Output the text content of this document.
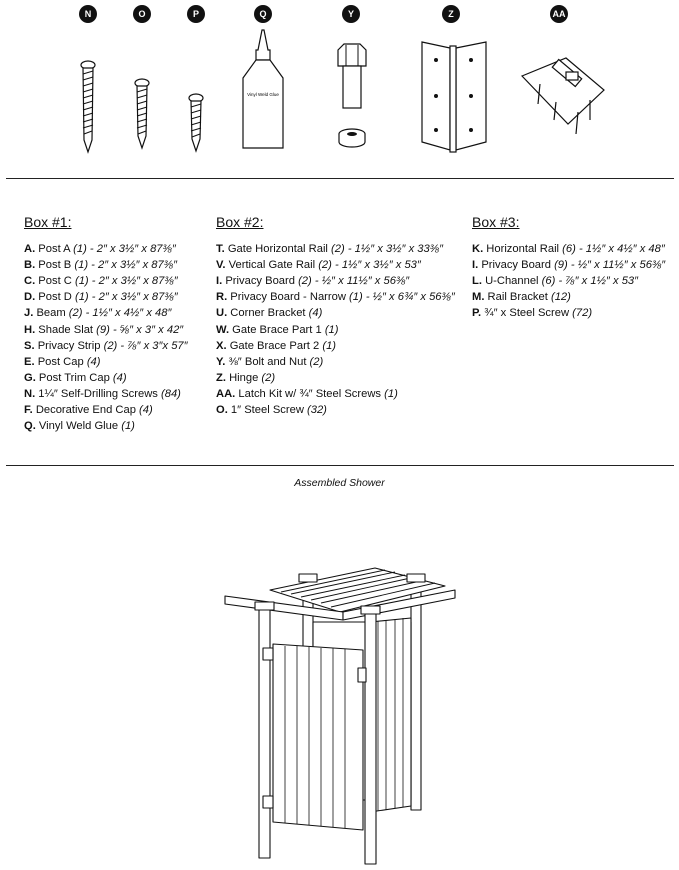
N	O	P	Q	Y	Z	AA
Vinyl Weld Glue
Box #1:
A. Post A (1) - 2″ x 3½″ x 87⅜″
B. Post B (1) - 2″ x 3½″ x 87⅜″
C. Post C (1) - 2″ x 3½″ x 87⅜″
D. Post D (1) - 2″ x 3½″ x 87⅜″
J. Beam (2) - 1½″ x 4½″ x 48″
H. Shade Slat (9) - ⅝″ x 3″ x 42″
S. Privacy Strip (2) - ⅞″ x 3″x 57″
E. Post Cap (4)
G. Post Trim Cap (4)
N. 1¼″ Self-Drilling Screws (84)
F. Decorative End Cap (4)
Q. Vinyl Weld Glue (1)
Box #2:
T. Gate Horizontal Rail (2) - 1½″ x 3½″ x 33⅜″
V. Vertical Gate Rail (2) - 1½″ x 3½″ x 53″
I. Privacy Board (2) - ½″ x 11½″ x 56⅜″
R. Privacy Board - Narrow (1) - ½″ x 6¾″ x 56⅜″
U. Corner Bracket (4)
W. Gate Brace Part 1 (1)
X. Gate Brace Part 2 (1)
Y. ⅜″ Bolt and Nut (2)
Z. Hinge (2)
AA. Latch Kit w/ ¾″ Steel Screws (1)
O. 1″ Steel Screw (32)
Box #3:
K. Horizontal Rail (6) - 1½″ x 4½″ x 48″
I. Privacy Board (9) - ½″ x 11½″ x 56⅜″
L. U-Channel (6) - ⅞″ x 1½″ x 53″
M. Rail Bracket (12)
P. ¾″ x Steel Screw (72)
Assembled Shower
